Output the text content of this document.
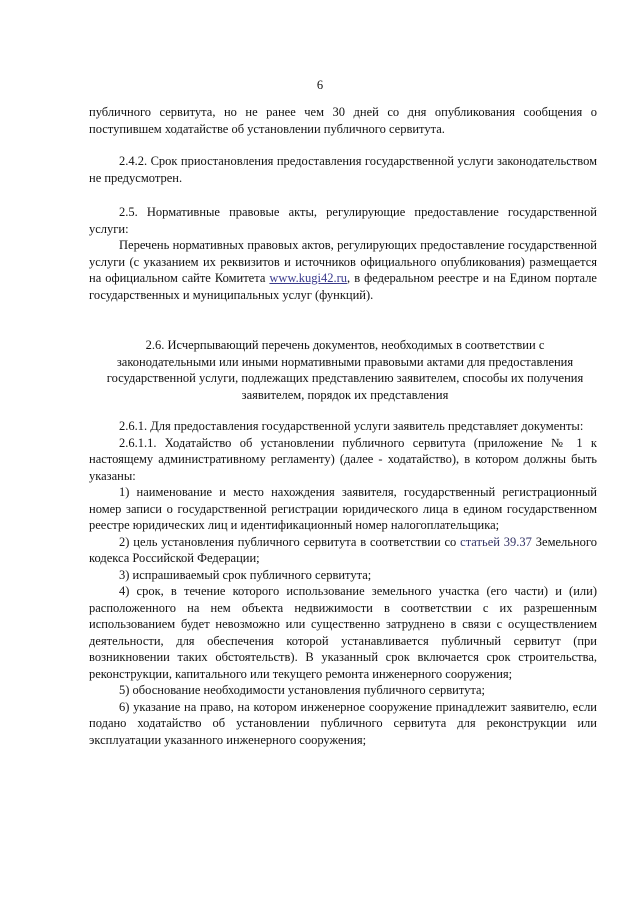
6

публичного сервитута, но не ранее чем 30 дней со дня опубликования сообщения о поступившем ходатайстве об установлении публичного сервитута.

2.4.2. Срок приостановления предоставления государственной услуги законодательством не предусмотрен.

2.5. Нормативные правовые акты, регулирующие предоставление государственной услуги:

Перечень нормативных правовых актов, регулирующих предоставление государственной услуги (с указанием их реквизитов и источников официального опубликования) размещается на официальном сайте Комитета www.kugi42.ru, в федеральном реестре и на Едином портале государственных и муниципальных услуг (функций).

2.6. Исчерпывающий перечень документов, необходимых в соответствии с законодательными или иными нормативными правовыми актами для предоставления государственной услуги, подлежащих представлению заявителем, способы их получения заявителем, порядок их представления

2.6.1. Для предоставления государственной услуги заявитель представляет документы:

2.6.1.1. Ходатайство об установлении публичного сервитута (приложение № 1 к настоящему административному регламенту) (далее - ходатайство), в котором должны быть указаны:

1) наименование и место нахождения заявителя, государственный регистрационный номер записи о государственной регистрации юридического лица в едином государственном реестре юридических лиц и идентификационный номер налогоплательщика;

2) цель установления публичного сервитута в соответствии со статьей 39.37 Земельного кодекса Российской Федерации;

3) испрашиваемый срок публичного сервитута;

4) срок, в течение которого использование земельного участка (его части) и (или) расположенного на нем объекта недвижимости в соответствии с их разрешенным использованием будет невозможно или существенно затруднено в связи с осуществлением деятельности, для обеспечения которой устанавливается публичный сервитут (при возникновении таких обстоятельств). В указанный срок включается срок строительства, реконструкции, капитального или текущего ремонта инженерного сооружения;

5) обоснование необходимости установления публичного сервитута;

6) указание на право, на котором инженерное сооружение принадлежит заявителю, если подано ходатайство об установлении публичного сервитута для реконструкции или эксплуатации указанного инженерного сооружения;
